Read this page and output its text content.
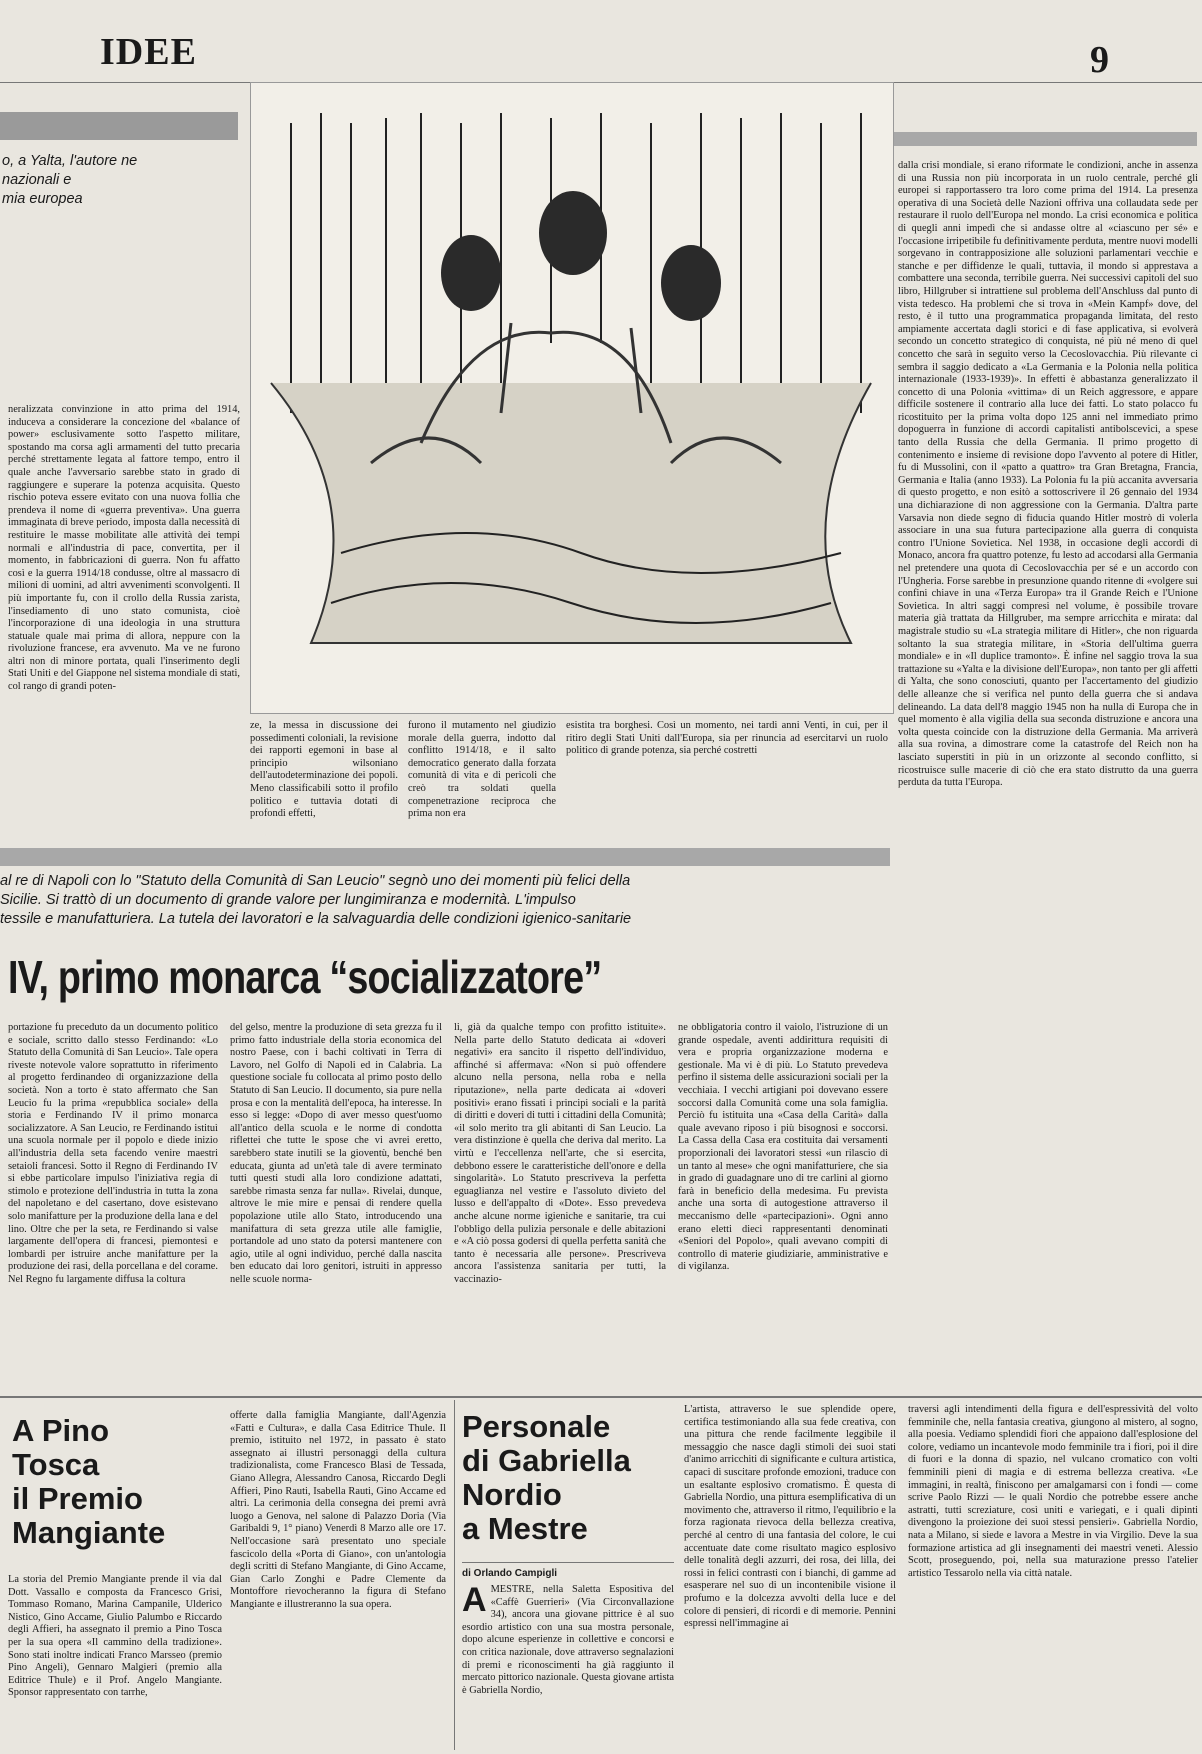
IDEE	9
o, a Yalta, l'autore ne
nazionali e
mia europea
neralizzata convinzione in atto prima del 1914, induceva a considerare la concezione del «balance of power» esclusivamente sotto l'aspetto militare, spostando ma corsa agli armamenti del tutto precaria perché strettamente legata al fattore tempo, entro il quale anche l'avversario sarebbe stato in grado di raggiungere e superare la potenza acquisita. Questo rischio poteva essere evitato con una nuova follia che prendeva il nome di «guerra preventiva». Una guerra immaginata di breve periodo, imposta dalla necessità di restituire le masse mobilitate alle attività dei tempi normali e all'industria di pace, convertita, per il momento, in fabbricazioni di guerra. Non fu affatto così e la guerra 1914/18 condusse, oltre al massacro di milioni di uomini, ad altri avvenimenti sconvolgenti. Il più importante fu, con il crollo della Russia zarista, l'insediamento di uno stato comunista, cioè l'incorporazione di una ideologia in una struttura statuale quale mai prima di allora, neppure con la rivoluzione francese, era avvenuto. Ma ve ne furono altri non di minore portata, quali l'inserimento degli Stati Uniti e del Giappone nel sistema mondiale di stati, col rango di grandi poten-
ze, la messa in discussione dei possedimenti coloniali, la revisione dei rapporti egemoni in base al principio wilsoniano dell'autodeterminazione dei popoli. Meno classificabili sotto il profilo politico e tuttavia dotati di profondi effetti,
furono il mutamento nel giudizio morale della guerra, indotto dal conflitto 1914/18, e il salto democratico generato dalla forzata comunità di vita e di pericoli che creò tra soldati quella compenetrazione reciproca che prima non era
esistita tra borghesi. Così un momento, nei tardi anni Venti, in cui, per il ritiro degli Stati Uniti dall'Europa, sia per rinuncia ad esercitarvi un ruolo politico di grande potenza, sia perché costretti
dalla crisi mondiale, si erano riformate le condizioni, anche in assenza di una Russia non più incorporata in un ruolo centrale, perché gli europei si rapportassero tra loro come prima del 1914. La presenza operativa di una Società delle Nazioni offriva una collaudata sede per restaurare il ruolo dell'Europa nel mondo. La crisi economica e politica di quegli anni impedì che si andasse oltre al «ciascuno per sé» e l'occasione irripetibile fu definitivamente perduta, mentre nuovi modelli sorgevano in contrapposizione alle soluzioni parlamentari vecchie e stanche e per diffidenze le quali, tuttavia, il mondo si apprestava a combattere una seconda, terribile guerra. Nei successivi capitoli del suo libro, Hillgruber si intrattiene sul problema dell'Anschluss dal punto di vista tedesco. Ha problemi che si trova in «Mein Kampf» dove, del resto, è il tutto una programmatica propaganda limitata, del resto ampiamente accertata dagli storici e di fase applicativa, si evolverà secondo un concetto strategico di conquista, né più né meno di quel concetto che sarà in seguito verso la Cecoslovacchia. Più rilevante ci sembra il saggio dedicato a «La Germania e la Polonia nella politica internazionale (1933-1939)». In effetti è abbastanza generalizzato il concetto di una Polonia «vittima» di un Reich aggressore, e appare difficile sostenere il contrario alla luce dei fatti. Lo stato polacco fu ricostituito per la prima volta dopo 125 anni nel immediato primo dopoguerra in funzione di accordi capitalisti antibolscevici, a spese tanto della Russia che della Germania. Il primo progetto di contenimento e insieme di revisione dopo l'avvento al potere di Hitler, fu di Mussolini, con il «patto a quattro» tra Gran Bretagna, Francia, Germania e Italia (anno 1933). La Polonia fu la più accanita avversaria di questo progetto, e non esitò a sottoscrivere il 26 gennaio del 1934 una dichiarazione di non aggressione con la Germania. D'altra parte Varsavia non diede segno di fiducia quando Hitler mostrò di volerla associare in una sua futura partecipazione alla guerra di conquista contro l'Unione Sovietica. Nel 1938, in occasione degli accordi di Monaco, ancora fra quattro potenze, fu lesto ad accodarsi alla Germania nel pretendere una quota di Cecoslovacchia per sé e un accordo con l'Ungheria. Forse sarebbe in presunzione quando ritenne di «volgere sui confini chiave in una «Terza Europa» tra il Grande Reich e l'Unione Sovietica. In altri saggi compresi nel volume, è possibile trovare materia già trattata da Hillgruber, ma sempre arricchita e mirata: dal magistrale studio su «La strategia militare di Hitler», che non riguarda soltanto la sua strategia militare, in «Storia dell'ultima guerra mondiale» e in «Il duplice tramonto». È infine nel saggio trova la sua trattazione su «Yalta e la divisione dell'Europa», non tanto per gli affetti di Yalta, che sono conosciuti, quanto per l'accertamento del giudizio delle alleanze che si verifica nel punto della guerra che si andava delineando. La data dell'8 maggio 1945 non ha nulla di Europa che in quel momento è alla vigilia della sua seconda distruzione e ancora una volta questa coincide con la distruzione della Germania. Ma arriverà alla sua rovina, a dimostrare come la catastrofe del Reich non ha lasciato superstiti in più in un orizzonte al secondo conflitto, si ricostruisce sulle macerie di ciò che era stato distrutto da una guerra perduta da tutta l'Europa.
al re di Napoli con lo "Statuto della Comunità di San Leucio" segnò uno dei momenti più felici della
Sicilie. Si trattò di un documento di grande valore per lungimiranza e modernità. L'impulso
tessile e manufatturiera. La tutela dei lavoratori e la salvaguardia delle condizioni igienico-sanitarie
IV, primo monarca “socializzatore”
portazione fu preceduto da un documento politico e sociale, scritto dallo stesso Ferdinando: «Lo Statuto della Comunità di San Leucio». Tale opera riveste notevole valore soprattutto in riferimento al progetto ferdinandeo di organizzazione della società. Non a torto è stato affermato che San Leucio fu la prima «repubblica sociale» della storia e Ferdinando IV il primo monarca socializzatore. A San Leucio, re Ferdinando istituì una scuola normale per il popolo e diede inizio all'industria della seta facendo venire maestri setaioli francesi. Sotto il Regno di Ferdinando IV si ebbe particolare impulso l'iniziativa regia di stimolo e protezione dell'industria in tutta la zona del napoletano e del casertano, dove esistevano solo manifatture per la produzione della lana e del lino. Oltre che per la seta, re Ferdinando si valse largamente dell'opera di francesi, piemontesi e lombardi per istruire anche manifatture per la produzione dei rasi, della porcellana e del corame. Nel Regno fu largamente diffusa la coltura
del gelso, mentre la produzione di seta grezza fu il primo fatto industriale della storia economica del nostro Paese, con i bachi coltivati in Terra di Lavoro, nel Golfo di Napoli ed in Calabria. La questione sociale fu collocata al primo posto dello Statuto di San Leucio. Il documento, sia pure nella prosa e con la mentalità dell'epoca, ha interesse. In esso si legge: «Dopo di aver messo quest'uomo all'antico della scuola e le norme di condotta riflettei che tutte le spose che vi avrei eretto, sarebbero state inutili se la gioventù, benché ben educata, giunta ad un'età tale di avere terminato tutti questi studi alla loro condizione adattati, sarebbe rimasta senza far nulla». Rivelai, dunque, altrove le mie mire e pensai di rendere quella popolazione utile allo Stato, introducendo una manifattura di seta grezza utile alle famiglie, portandole ad uno stato da potersi mantenere con agio, utile al ogni individuo, perché dalla nascita ben educato dai loro genitori, istruiti in appresso nelle scuole norma-
li, già da qualche tempo con profitto istituite». Nella parte dello Statuto dedicata ai «doveri negativi» era sancito il rispetto dell'individuo, affinché si affermava: «Non si può offendere alcuno nella persona, nella roba e nella riputazione», nella parte dedicata ai «doveri positivi» erano fissati i principi sociali e la parità di diritti e doveri di tutti i cittadini della Comunità; «il solo merito tra gli abitanti di San Leucio. La vera distinzione è quella che deriva dal merito. La virtù e l'eccellenza nell'arte, che si esercita, debbono essere le caratteristiche dell'onore e della singolarità». Lo Statuto prescriveva la perfetta eguaglianza nel vestire e l'assoluto divieto del lusso e dell'appalto di «Dote». Esso prevedeva anche alcune norme igieniche e sanitarie, tra cui l'obbligo della pulizia personale e delle abitazioni e «A ciò possa godersi di quella perfetta sanità che tanto è necessaria alle persone». Prescriveva ancora l'assistenza sanitaria per tutti, la vaccinazio-
ne obbligatoria contro il vaiolo, l'istruzione di un grande ospedale, aventi addirittura requisiti di vera e propria organizzazione moderna e gestionale. Ma vi è di più. Lo Statuto prevedeva perfino il sistema delle assicurazioni sociali per la vecchiaia. I vecchi artigiani poi dovevano essere soccorsi dalla Comunità come una sola famiglia. Perciò fu istituita una «Casa della Carità» dalla quale avevano riposo i più bisognosi e soccorsi. La Cassa della Casa era costituita dai versamenti proporzionali dei lavoratori stessi «un rilascio di un tanto al mese» che ogni manifatturiere, che sia in grado di guadagnare uno di tre carlini al giorno farà in beneficio della medesima. Fu prevista anche una sorta di autogestione attraverso il meccanismo delle «partecipazioni». Ogni anno erano eletti dieci rappresentanti denominati «Seniori del Popolo», quali avevano compiti di controllo di materie giudiziarie, amministrative e di vigilanza.
A Pino
Tosca
il Premio
Mangiante
La storia del Premio Mangiante prende il via dal Dott. Vassallo e composta da Francesco Grisi, Tommaso Romano, Marina Campanile, Ulderico Nistico, Gino Accame, Giulio Palumbo e Riccardo degli Affieri, ha assegnato il premio a Pino Tosca per la sua opera «Il cammino della tradizione». Sono stati inoltre indicati Franco Marsseo (premio Pino Angeli), Gennaro Malgieri (premio alla Editrice Thule) e il Prof. Angelo Mangiante. Sponsor rappresentato con tarrhe,
offerte dalla famiglia Mangiante, dall'Agenzia «Fatti e Cultura», e dalla Casa Editrice Thule. Il premio, istituito nel 1972, in passato è stato assegnato ai illustri personaggi della cultura tradizionalista, come Francesco Blasi de Tessada, Giano Allegra, Alessandro Canosa, Riccardo Degli Affieri, Pino Rauti, Isabella Rauti, Gino Accame ed altri. La cerimonia della consegna dei premi avrà luogo a Genova, nel salone di Palazzo Doria (Via Garibaldi 9, 1° piano) Venerdì 8 Marzo alle ore 17. Nell'occasione sarà presentato uno speciale fascicolo della «Porta di Giano», con un'antologia degli scritti di Stefano Mangiante, di Gino Accame, Gian Carlo Zonghi e Padre Clemente da Montoffore rievocheranno la figura di Stefano Mangiante e illustreranno la sua opera.
Personale
di Gabriella
Nordio
a Mestre
di Orlando Campigli
AMESTRE, nella Saletta Espositiva del «Caffè Guerrieri» (Via Circonvallazione 34), ancora una giovane pittrice è al suo esordio artistico con una sua mostra personale, dopo alcune esperienze in collettive e concorsi e con critica nazionale, dove attraverso segnalazioni di premi e riconoscimenti ha già raggiunto il mercato pittorico nazionale. Questa giovane artista è Gabriella Nordio,
L'artista, attraverso le sue splendide opere, certifica testimoniando alla sua fede creativa, con una pittura che rende facilmente leggibile il messaggio che nasce dagli stimoli dei suoi stati d'animo arricchiti di significante e cultura artistica, capaci di suscitare profonde emozioni, traduce con un esaltante esplosivo cromatismo. È questa di Gabriella Nordio, una pittura esemplificativa di un movimento che, attraverso il ritmo, l'equilibrio e la forza ragionata rievoca della bellezza creativa, perché al centro di una fantasia del colore, le cui accentuate date come risultato magico esplosivo delle tonalità degli azzurri, dei rosa, dei lilla, dei rossi in felici contrasti con i bianchi, di gamme ad esasperare nel suo di un incontenibile visione il profumo e la dolcezza avvolti della luce e del colore di pensieri, di ricordi e di memorie. Pennini espressi nell'immagine ai
traversi agli intendimenti della figura e dell'espressività del volto femminile che, nella fantasia creativa, giungono al mistero, al sogno, alla poesia. Vediamo splendidi fiori che appaiono dall'esplosione del colore, vediamo un incantevole modo femminile tra i fiori, poi il dire di fuori e la donna di spazio, nel vulcano cromatico con volti femminili pieni di magia e di estrema bellezza creativa. «Le immagini, in realtà, finiscono per amalgamarsi con i fondi — come scrive Paolo Rizzi — le quali Nordio che potrebbe essere anche astratti, tutti screziature, così uniti e variegati, e i quali dipinti divengono la proiezione dei suoi stessi pensieri». Gabriella Nordio, nata a Milano, si siede e lavora a Mestre in via Virgilio. Deve la sua formazione artistica ad gli insegnamenti dei maestri veneti. Alessio Scott, proseguendo, poi, nella sua maturazione presso l'atelier artistico Tessarolo nella via città natale.
